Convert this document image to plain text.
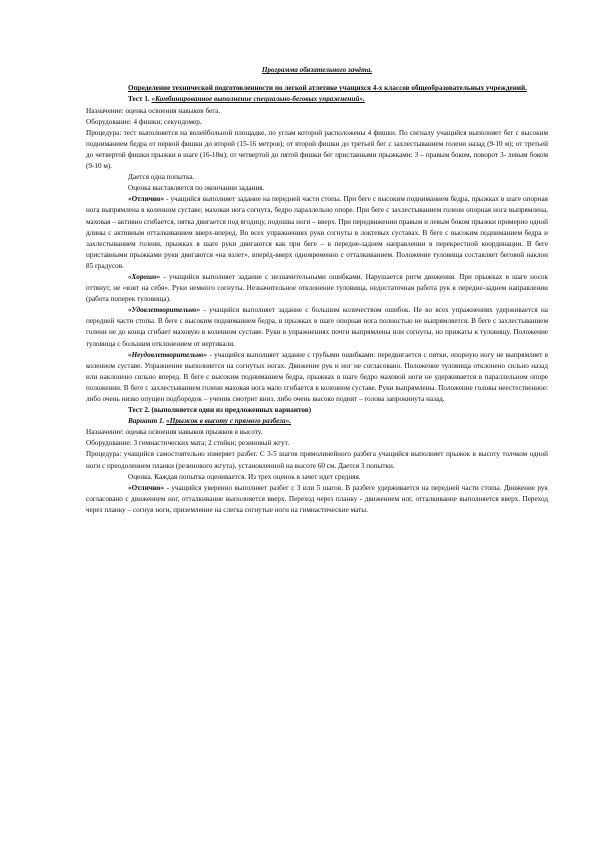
Программа обязательного зачёта.

Определение технической подготовленности по легкой атлетике учащихся 4-х классов общеобразовательных учреждений.

Тест 1. «Комбинированное выполнение специально-беговых упражнений».

Назначение: оценка освоения навыков бега.

Оборудование: 4 фишки; секундомер.

Процедура: тест выполняется на волейбольной площадке, по углам которой расположены 4 фишки. По сигналу учащийся выполняет бег с высоким подниманием бедра от первой фишки до второй (15-16 метров); от второй фишки до третьей бег с захлестыванием голени назад (9-10 м); от третьей до четвертой фишки прыжки в шаге (16-18м); от четвертой до пятой фишки бег приставными прыжками: 3 – правым боком, поворот 3- левым боком (9-10 м).

Дается одна попытка.

Оценка выставляется по окончании задания.

«Отлично» - учащийся выполняет задание на передней части стопы. При беге с высоким подниманием бедра, прыжках в шаге опорная нога выпрямлена в коленном суставе; маховая нога согнута, бедро параллельно опоре. При беге с захлестыванием голени опорная нога выпрямлена, маховая – активно сгибается, пятка двигается под ягодицу, подошва ноги – вверх. При передвижении правым и левым боком прыжки примерно одной длины с активным отталкиванием вверх-вперед. Во всех упражнениях руки согнуты в локтевых суставах. В беге с высоким подниманием бедра и захлестыванием голени, прыжках в шаге руки двигаются как при беге – в передне-заднем направлении в перекрестной координации. В беге приставными прыжками руки двигаются «на взлет», вперёд-вверх одновременно с отталкиванием. Положение туловища составляет беговой наклон 85 градусов.

«Хорошо» - учащийся выполняет задание с незначительными ошибками. Нарушается ритм движения. При прыжках в шаге носок оттянут, не «взят на себя». Руки немного согнуты. Незначительное отклонение туловища, недостаточная работа рук в передне-заднем направлении (работа поперек туловища).

«Удовлетворительно» - учащийся выполняет задание с большим количеством ошибок. Не во всех упражнениях удерживается на передней части стопы. В беге с высоким подниманием бедра, в прыжках в шаге опорная нога полностью не выпрямляется. В беге с захлестыванием голени не до конца сгибает маховую в коленном суставе. Руки в упражнениях почти выпрямлены или согнуты, но прижаты к туловищу. Положение туловища с большим отклонением от вертикали.

«Неудовлетворительно» - учащийся выполняет задание с грубыми ошибками: передвигается с пятки, опорную ногу не выпрямляет в коленном суставе. Упражнение выполняется на согнутых ногах. Движение рук и ног не согласовано. Положение туловища отклонено сильно назад или наклонено сильно вперед. В беге с высоким подниманием бедра, прыжках в шаге бедро маховой ноги не удерживается в параллельном опоре положении. В беге с захлестыванием голени маховая нога мало сгибается в коленном суставе. Руки выпрямлены. Положение головы неестественное: либо очень низко опущен подбородок – ученик смотрит вниз, либо очень высоко поднят – голова запрокинута назад.

Тест 2. (выполняется один из предложенных вариантов)

Вариант 1. «Прыжок в высоту с прямого разбега».

Назначение: оценка освоения навыков прыжков в высоту.

Оборудование: 3 гимнастических мата; 2 стойки; резиновый жгут.

Процедура: учащийся самостоятельно измеряет разбег. С 3-5 шагов прямолинейного разбега учащийся выполняет прыжок в высоту толчком одной ноги с преодолением планки (резинового жгута), установленной на высоте 60 см. Дается 3 попытки.

Оценка. Каждая попытка оценивается. Из трех оценок в зачет идет средняя.

«Отлично» - учащийся уверенно выполняет разбег с 3 или 5 шагов. В разбеге удерживается на передней части стопы. Движение рук согласовано с движением ног, отталкивание выполняется вверх. Переход через планку - движением ног, отталкивание выполняется вверх. Переход через планку – согнув ноги, приземление на слегка согнутые ноги на гимнастические маты.
